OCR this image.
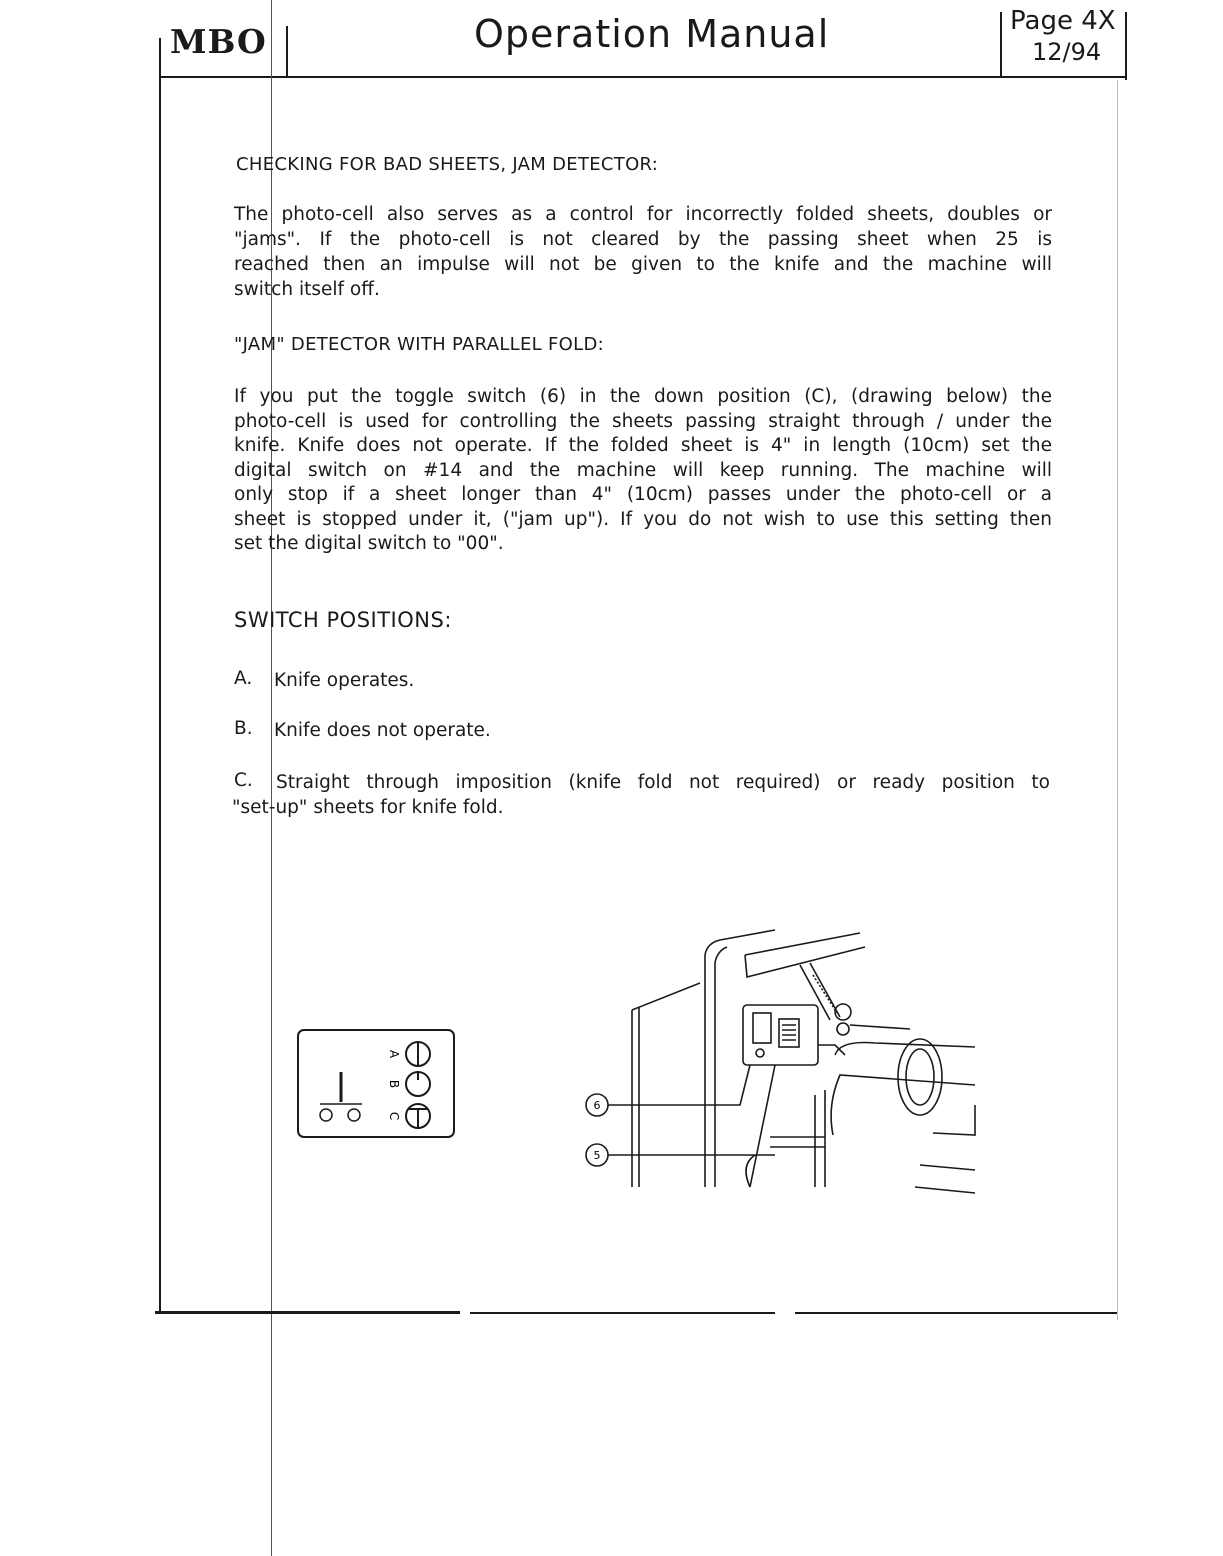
MBO	Operation Manual	Page 4X
12/94
CHECKING FOR BAD SHEETS, JAM DETECTOR:
The photo-cell also serves as a control for incorrectly folded sheets, doubles or
"jams". If the photo-cell is not cleared by the passing sheet when 25 is
reached then an impulse will not be given to the knife and the machine will
switch itself off.
"JAM" DETECTOR WITH PARALLEL FOLD:
If you put the toggle switch (6) in the down position (C), (drawing below) the
photo-cell is used for controlling the sheets passing straight through / under the
knife. Knife does not operate. If the folded sheet is 4" in length (10cm) set the
digital switch on #14 and the machine will keep running. The machine will
only stop if a sheet longer than 4" (10cm) passes under the photo-cell or a
sheet is stopped under it, ("jam up"). If you do not wish to use this setting then
set the digital switch to "00".
SWITCH POSITIONS:
A. Knife operates.
B. Knife does not operate.
C. Straight through imposition (knife fold not required) or ready position to
"set-up" sheets for knife fold.
A
B
C
6
5
